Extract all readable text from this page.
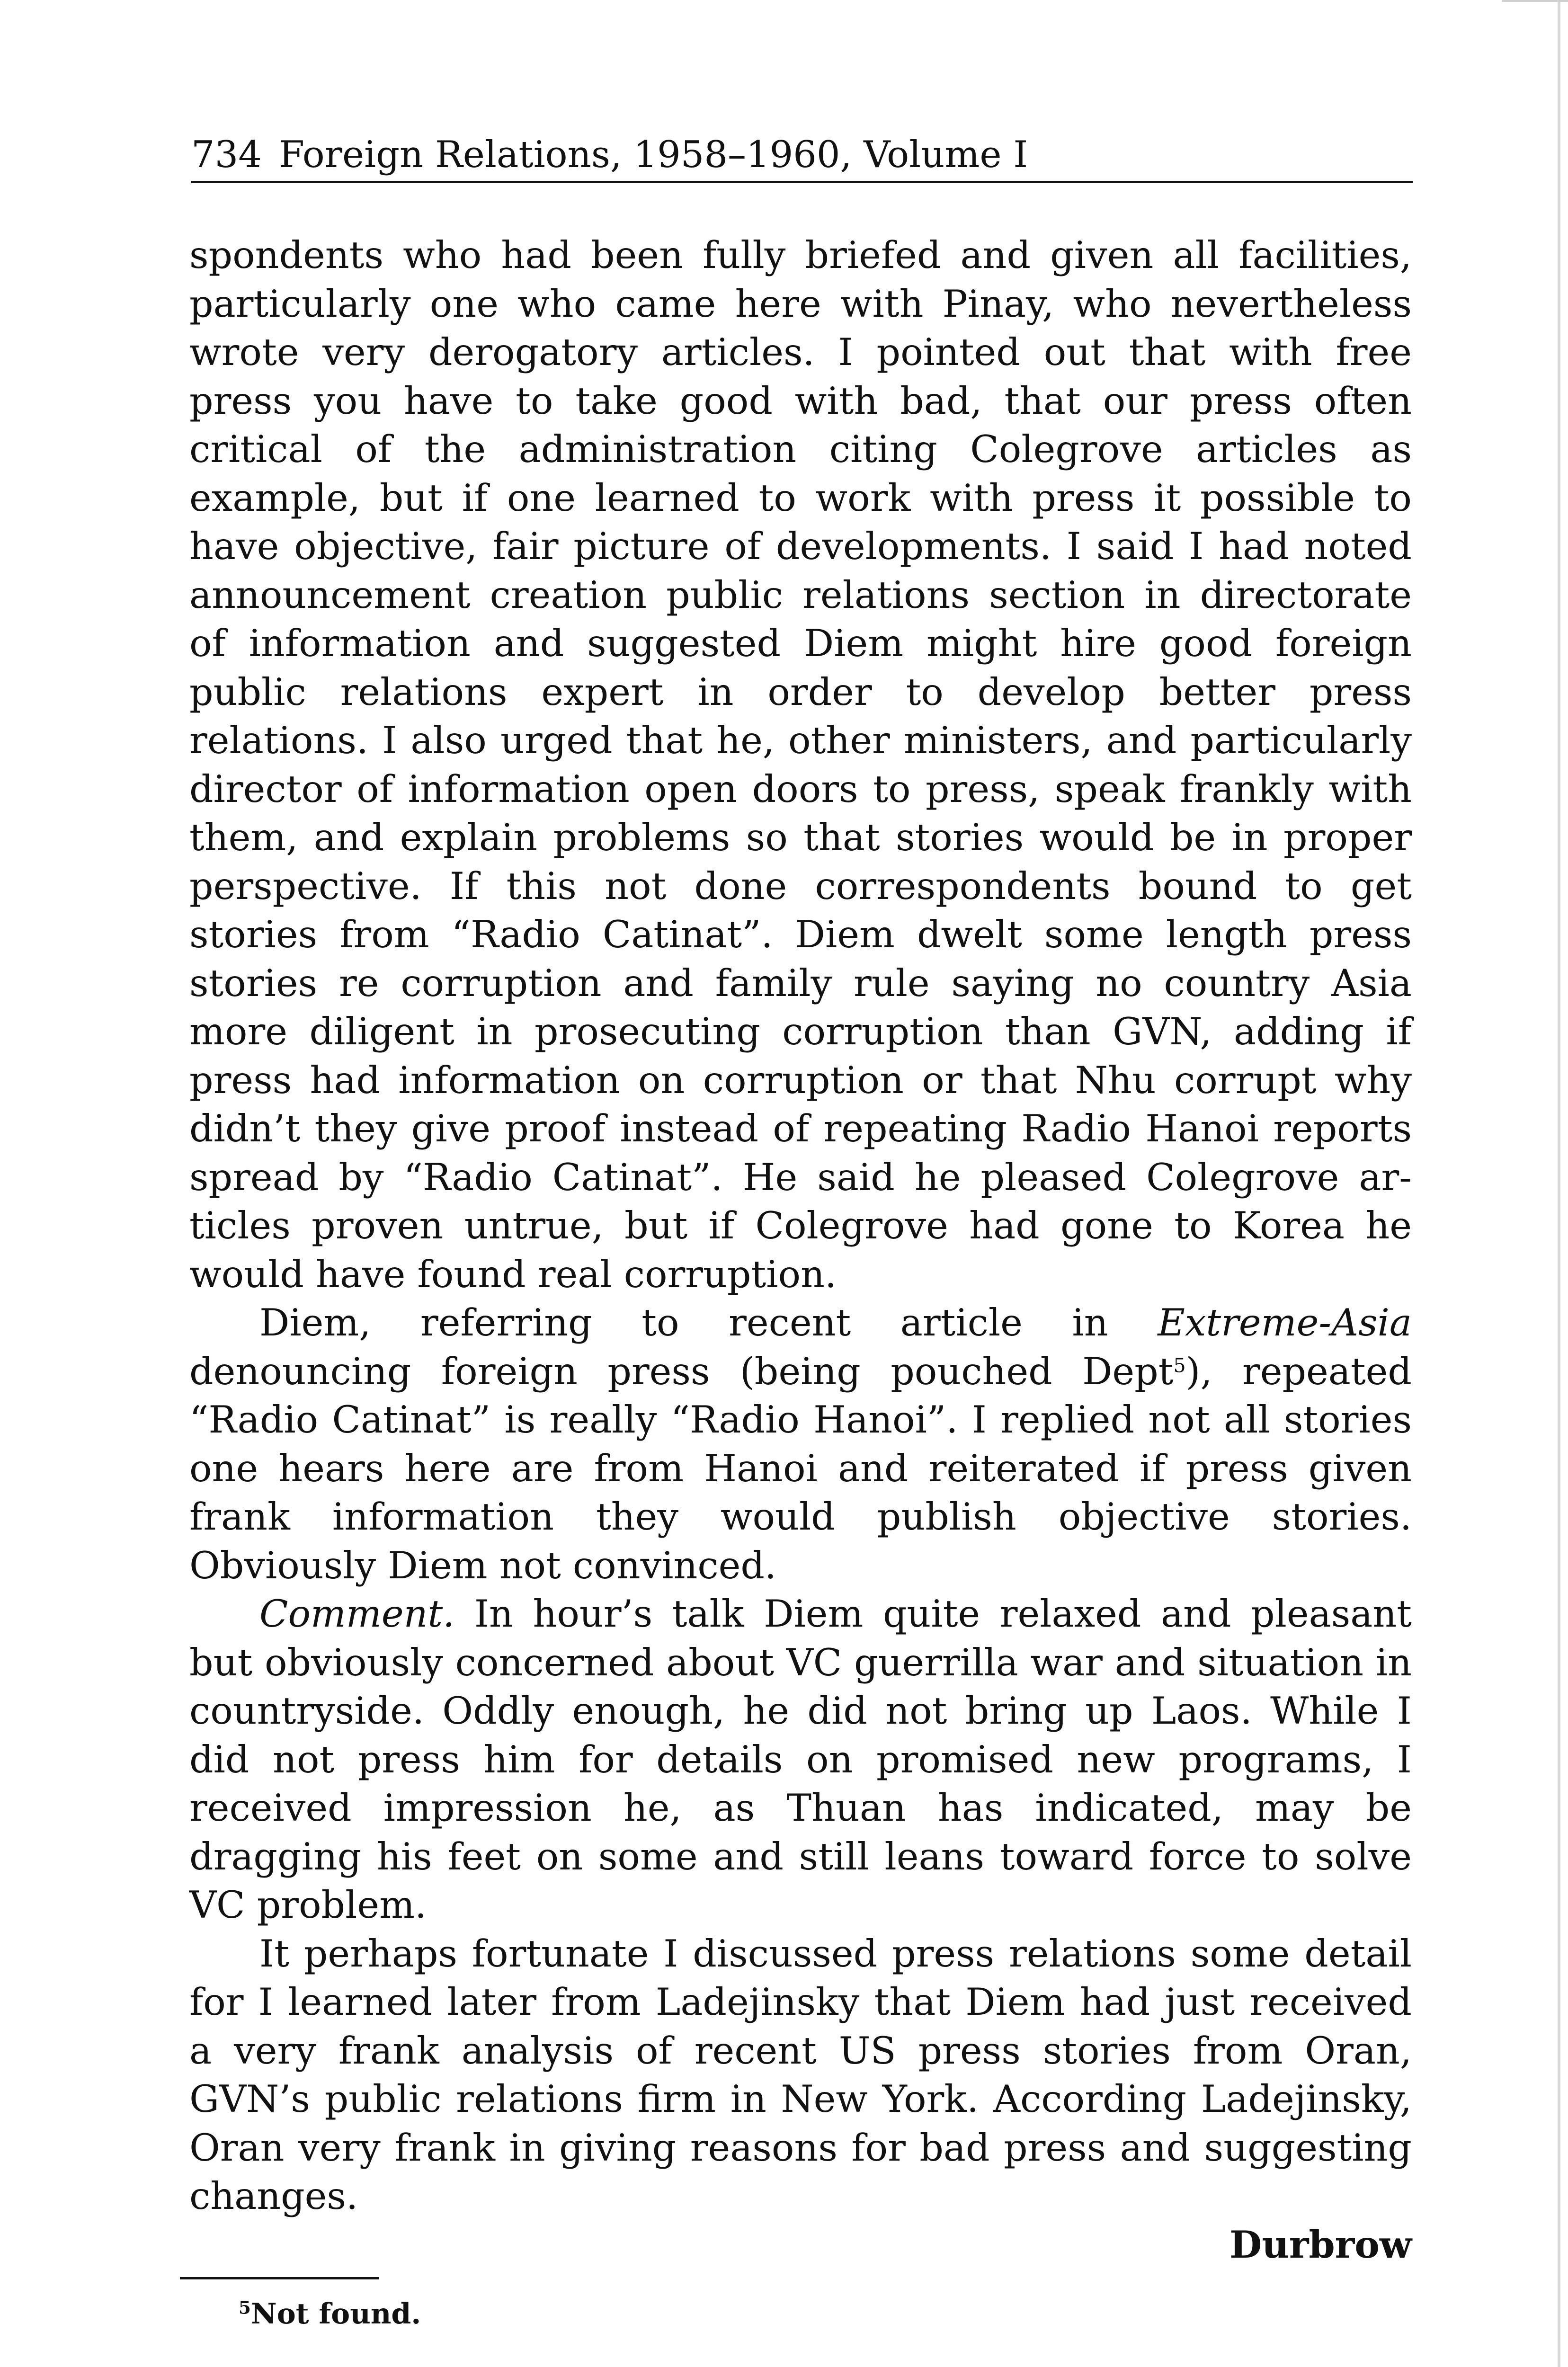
734 Foreign Relations, 1958–1960, Volume I

spondents who had been fully briefed and given all facilities, particularly one who came here with Pinay, who nevertheless wrote very derogatory articles. I pointed out that with free press you have to take good with bad, that our press often critical of the administration citing Colegrove articles as example, but if one learned to work with press it possible to have objective, fair picture of developments. I said I had noted announcement creation public relations section in directorate of information and suggested Diem might hire good foreign public relations expert in order to develop better press relations. I also urged that he, other ministers, and particularly director of information open doors to press, speak frankly with them, and explain problems so that stories would be in proper perspective. If this not done correspondents bound to get stories from “Radio Catinat”. Diem dwelt some length press stories re corruption and family rule saying no country Asia more diligent in prosecuting corruption than GVN, adding if press had information on corruption or that Nhu corrupt why didn’t they give proof instead of repeating Radio Hanoi reports spread by “Radio Catinat”. He said he pleased Colegrove articles proven untrue, but if Colegrove had gone to Korea he would have found real corruption.

Diem, referring to recent article in Extreme-Asia denouncing foreign press (being pouched Dept$^5$), repeated “Radio Catinat” is really “Radio Hanoi”. I replied not all stories one hears here are from Hanoi and reiterated if press given frank information they would publish objective stories. Obviously Diem not convinced.

Comment. In hour’s talk Diem quite relaxed and pleasant but obviously concerned about VC guerrilla war and situation in countryside. Oddly enough, he did not bring up Laos. While I did not press him for details on promised new programs, I received impression he, as Thuan has indicated, may be dragging his feet on some and still leans toward force to solve VC problem.

It perhaps fortunate I discussed press relations some detail for I learned later from Ladejinsky that Diem had just received a very frank analysis of recent US press stories from Oran, GVN’s public relations firm in New York. According Ladejinsky, Oran very frank in giving reasons for bad press and suggesting changes.

Durbrow

$^5$Not found.
